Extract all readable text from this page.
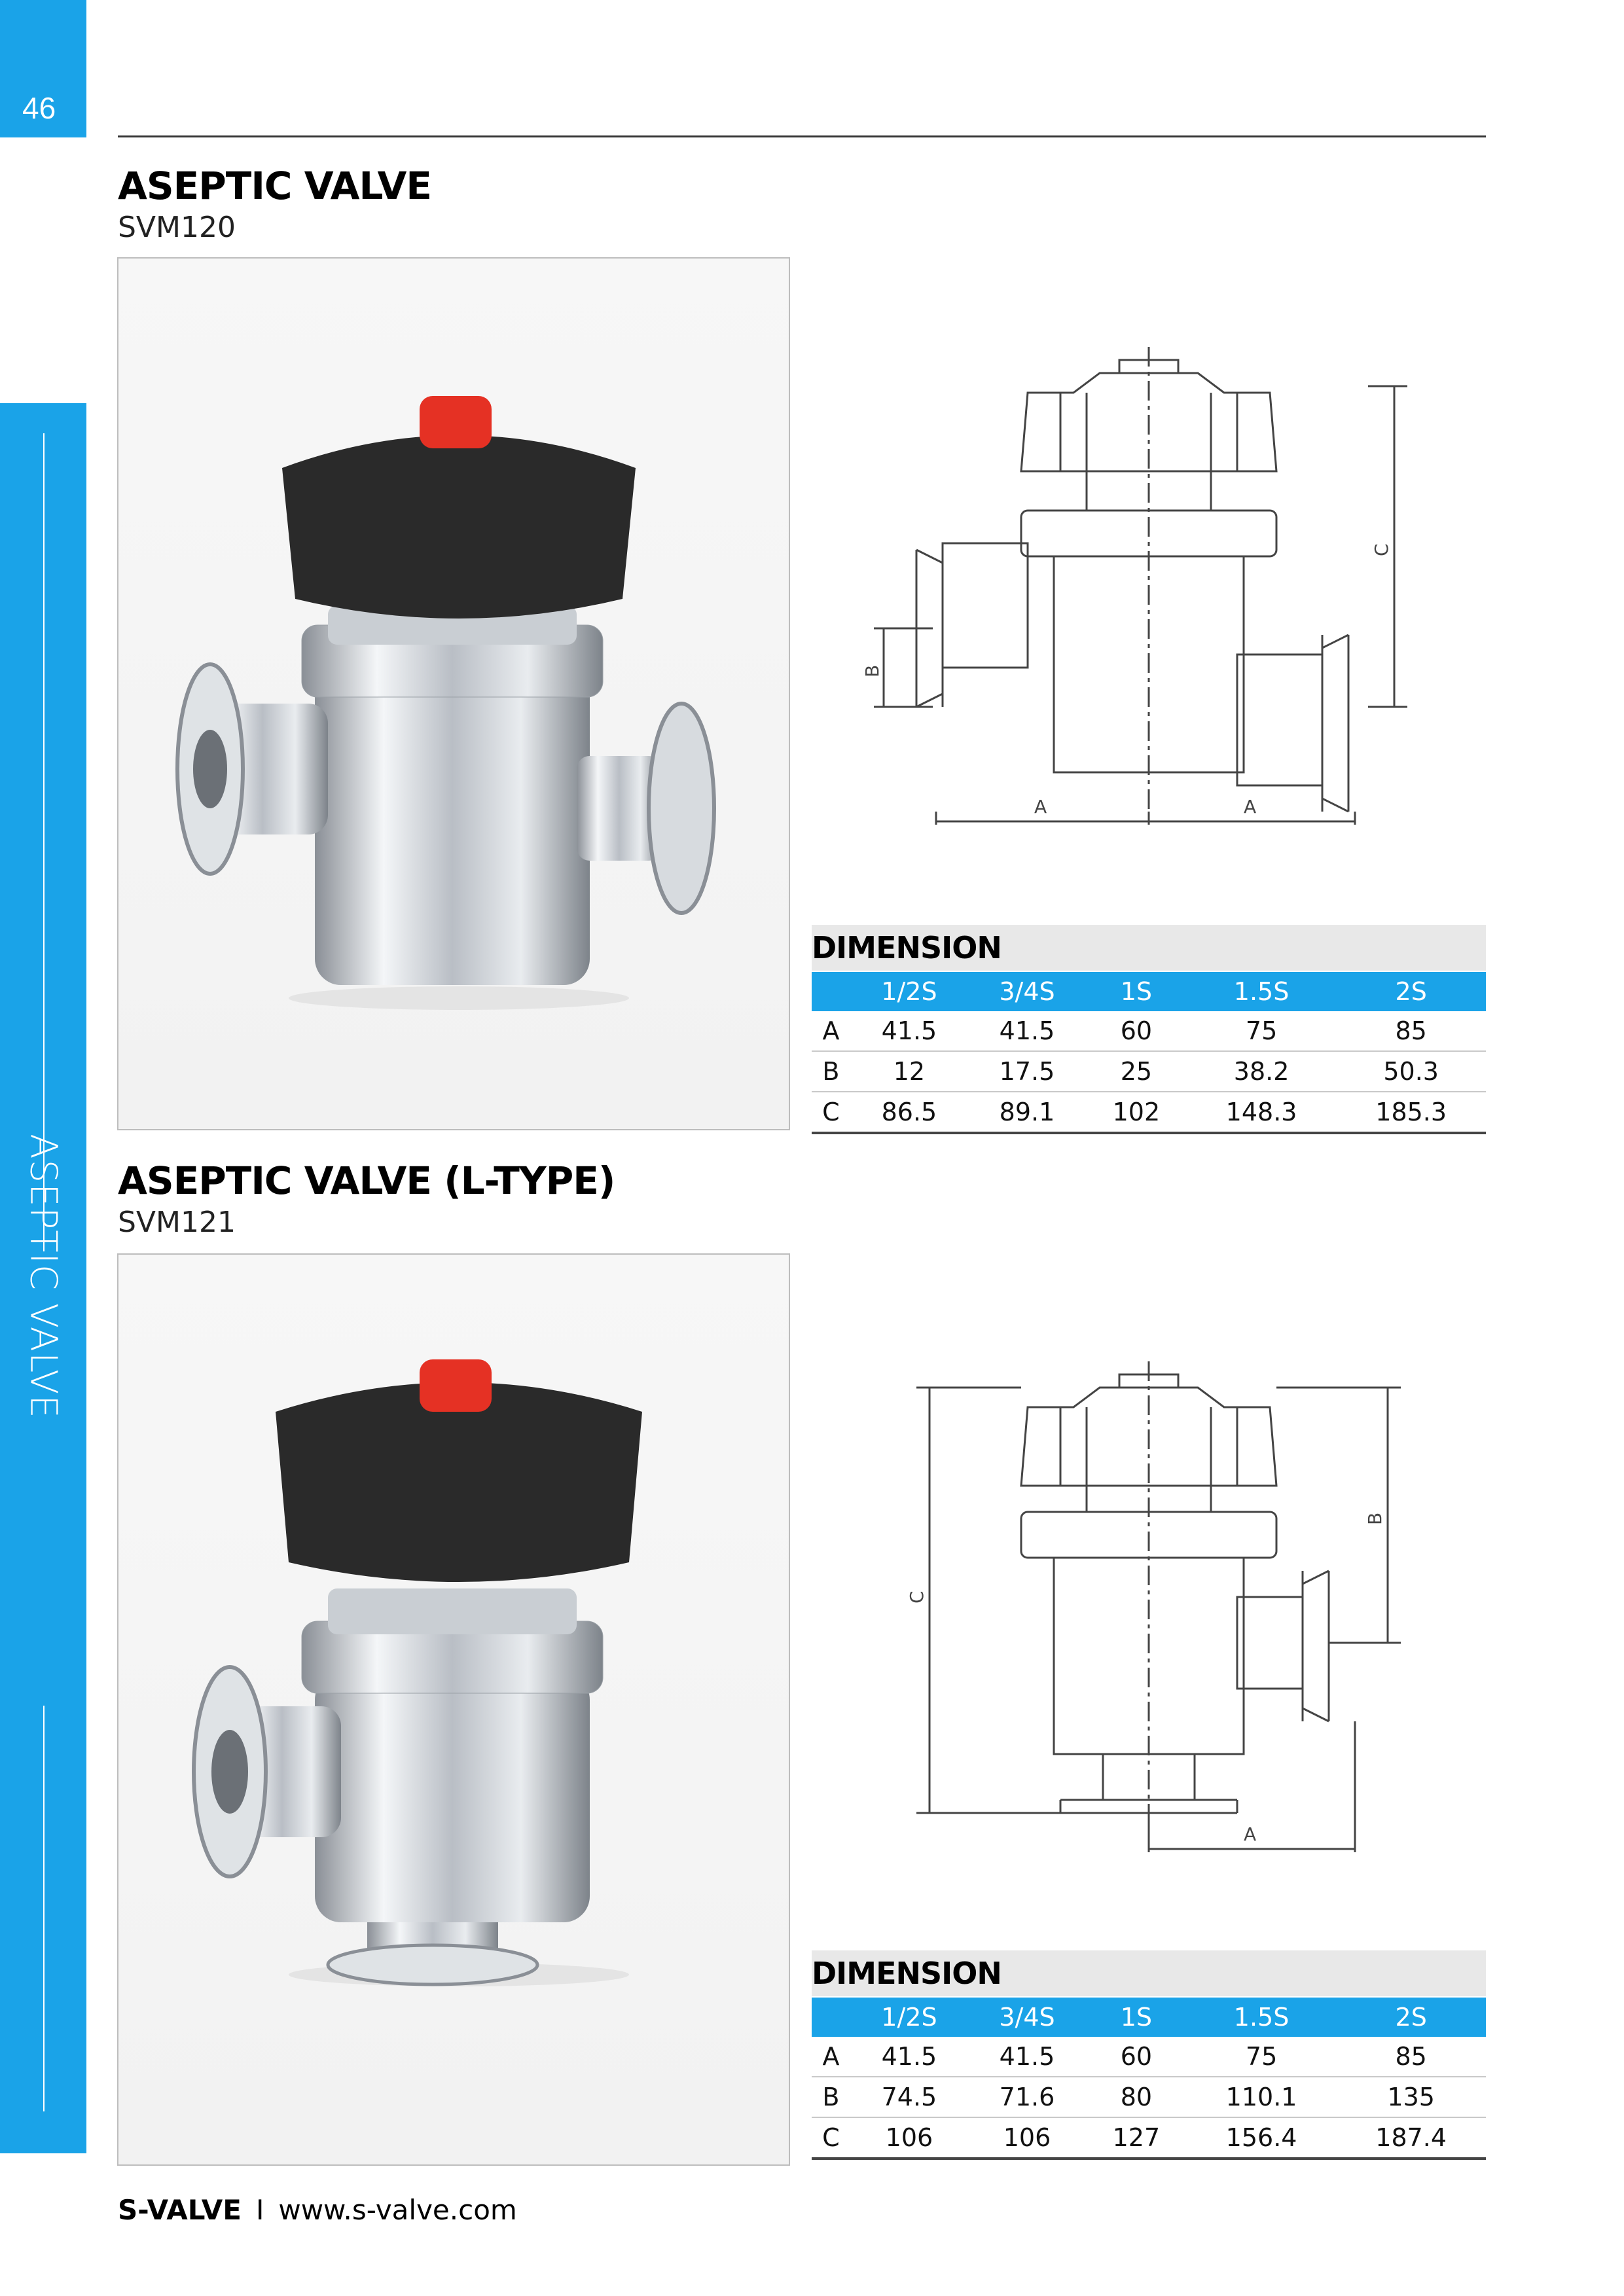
46
ASEPTIC VALVE
ASEPTIC VALVE
SVM120
A	A
B
C
DIMENSION
	1/2S	3/4S	1S	1.5S	2S
A	41.5	41.5	60	75	85
B	12	17.5	25	38.2	50.3
C	86.5	89.1	102	148.3	185.3
ASEPTIC VALVE (L-TYPE)
SVM121
C
B
A
DIMENSION
	1/2S	3/4S	1S	1.5S	2S
A	41.5	41.5	60	75	85
B	74.5	71.6	80	110.1	135
C	106	106	127	156.4	187.4
S-VALVE I www.s-valve.com
